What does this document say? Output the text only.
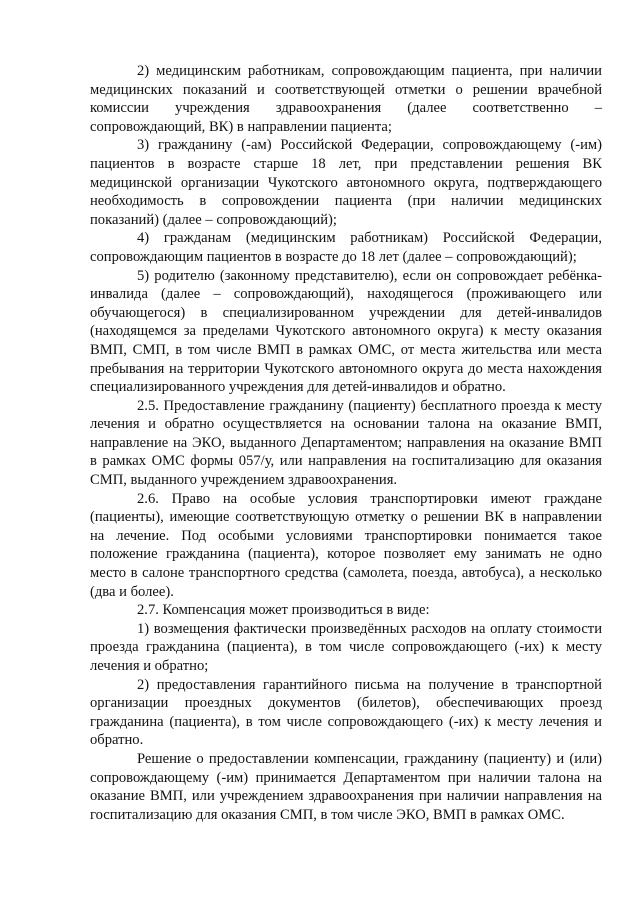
2) медицинским работникам, сопровождающим пациента, при наличии медицинских показаний и соответствующей отметки о решении врачебной комиссии учреждения здравоохранения (далее соответственно – сопровождающий, ВК) в направлении пациента;

3) гражданину (-ам) Российской Федерации, сопровождающему (-им) пациентов в возрасте старше 18 лет, при представлении решения ВК медицинской организации Чукотского автономного округа, подтверждающего необходимость в сопровождении пациента (при наличии медицинских показаний) (далее – сопровождающий);

4) гражданам (медицинским работникам) Российской Федерации, сопровождающим пациентов в возрасте до 18 лет (далее – сопровождающий);

5) родителю (законному представителю), если он сопровождает ребёнка-инвалида (далее – сопровождающий), находящегося (проживающего или обучающегося) в специализированном учреждении для детей-инвалидов (находящемся за пределами Чукотского автономного округа) к месту оказания ВМП, СМП, в том числе ВМП в рамках ОМС, от места жительства или места пребывания на территории Чукотского автономного округа до места нахождения специализированного учреждения для детей-инвалидов и обратно.

2.5. Предоставление гражданину (пациенту) бесплатного проезда к месту лечения и обратно осуществляется на основании талона на оказание ВМП, направление на ЭКО, выданного Департаментом; направления на оказание ВМП в рамках ОМС формы 057/у, или направления на госпитализацию для оказания СМП, выданного учреждением здравоохранения.

2.6. Право на особые условия транспортировки имеют граждане (пациенты), имеющие соответствующую отметку о решении ВК в направлении на лечение. Под особыми условиями транспортировки понимается такое положение гражданина (пациента), которое позволяет ему занимать не одно место в салоне транспортного средства (самолета, поезда, автобуса), а несколько (два и более).

2.7. Компенсация может производиться в виде:

1) возмещения фактически произведённых расходов на оплату стоимости проезда гражданина (пациента), в том числе сопровождающего (-их) к месту лечения и обратно;

2) предоставления гарантийного письма на получение в транспортной организации проездных документов (билетов), обеспечивающих проезд гражданина (пациента), в том числе сопровождающего (-их) к месту лечения и обратно.

Решение о предоставлении компенсации, гражданину (пациенту) и (или) сопровождающему (-им) принимается Департаментом при наличии талона на оказание ВМП, или учреждением здравоохранения при наличии направления на госпитализацию для оказания СМП, в том числе ЭКО, ВМП в рамках ОМС.
